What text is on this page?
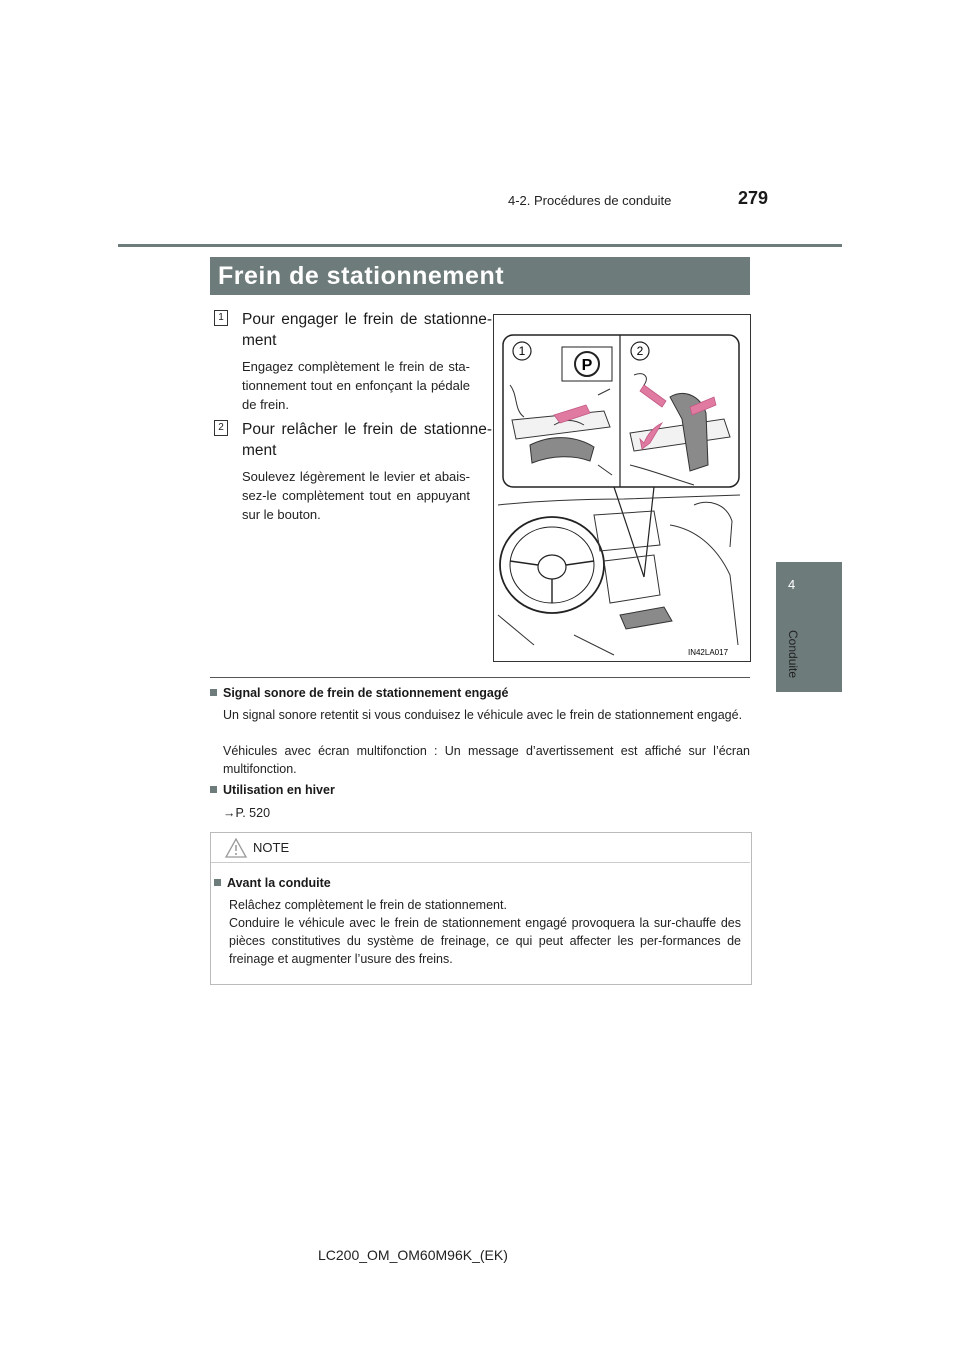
4-2. Procédures de conduite	279
4
Conduite
Frein de stationnement
1 Pour engager le frein de stationne-ment
Engagez complètement le frein de sta-tionnement tout en enfonçant la pédale de frein.
2 Pour relâcher le frein de stationne-ment
Soulevez légèrement le levier et abais-sez-le complètement tout en appuyant sur le bouton.
1	2
P
IN42LA017
Signal sonore de frein de stationnement engagé
Un signal sonore retentit si vous conduisez le véhicule avec le frein de stationnement engagé.
Véhicules avec écran multifonction : Un message d’avertissement est affiché sur l’écran multifonction.
Utilisation en hiver
→P. 520
NOTE
Avant la conduite
Relâchez complètement le frein de stationnement.
Conduire le véhicule avec le frein de stationnement engagé provoquera la sur-chauffe des pièces constitutives du système de freinage, ce qui peut affecter les per-formances de freinage et augmenter l’usure des freins.
LC200_OM_OM60M96K_(EK)
